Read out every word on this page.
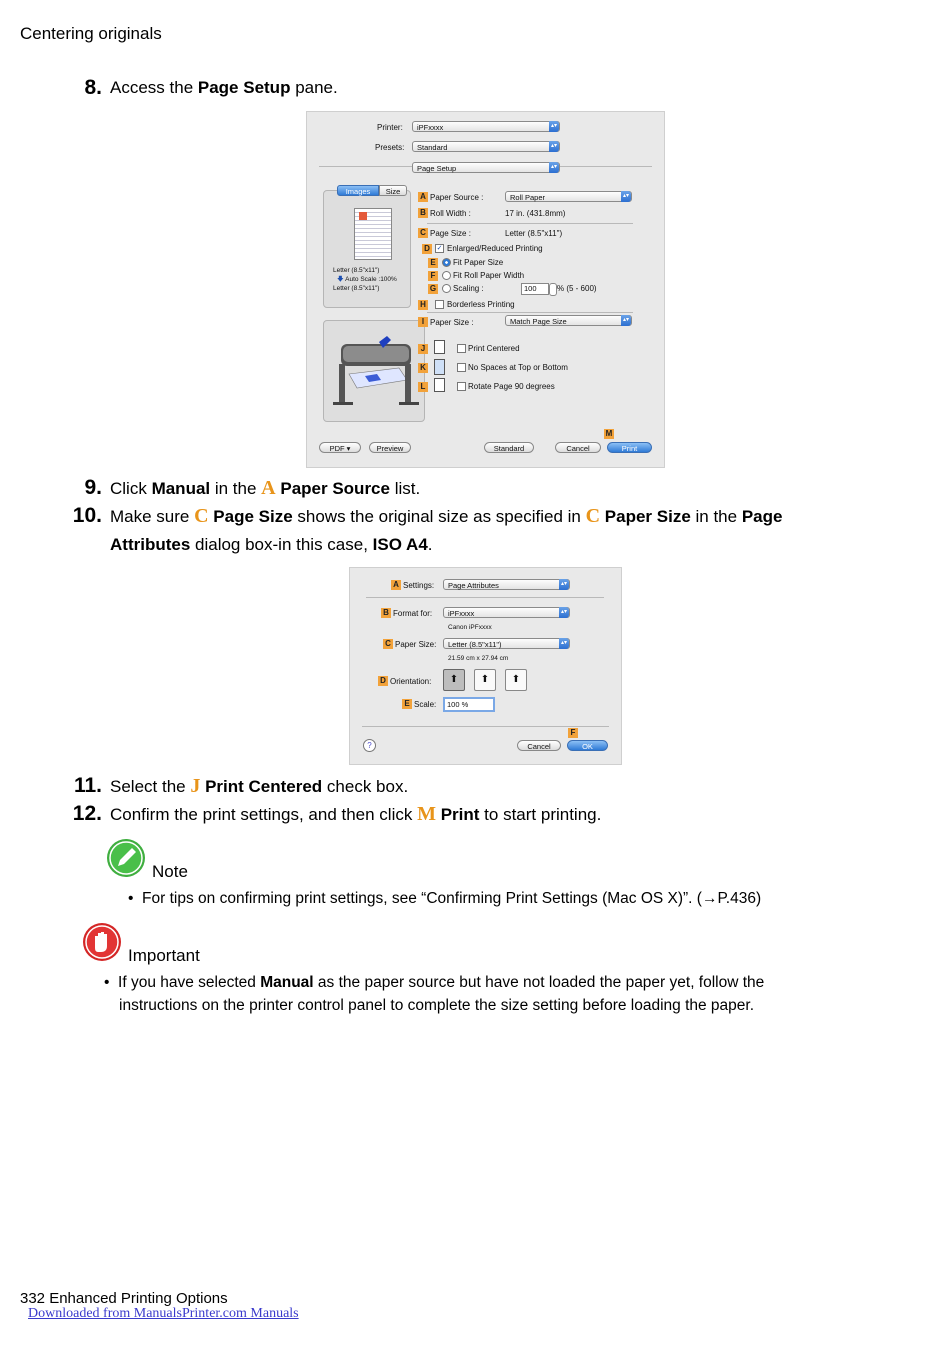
Centering originals
8. Access the Page Setup pane.
Printer:	iPFxxxx	▴▾
Presets:	Standard	▴▾
Page Setup	▴▾
Images	Size
Letter (8.5"x11")
🡇 Auto Scale :100%
Letter (8.5"x11")
A Paper Source :	Roll Paper	▴▾
B Roll Width :	17 in. (431.8mm)
C Page Size :	Letter (8.5"x11")
D ✓ Enlarged/Reduced Printing
E Fit Paper Size
F	Fit Roll Paper Width
G Scaling :	100	% (5 - 600)
H	Borderless Printing
I Paper Size :	Match Page Size	▴▾
J	Print Centered
K	No Spaces at Top or Bottom
L	Rotate Page 90 degrees
PDF ▾	Preview	Standard	Cancel
M
Print
9. Click Manual in the A Paper Source list.
10. Make sure C Page Size shows the original size as specified in C Paper Size in the Page
Attributes dialog box-in this case, ISO A4.
A Settings:	Page Attributes	▴▾
B Format for:	iPFxxxx	▴▾
Canon iPFxxxx
C Paper Size:	Letter (8.5"x11")	▴▾
21.59 cm x 27.94 cm
D Orientation:	⬆	⬆	⬆
E Scale:	100 %
?	Cancel
F
OK
11. Select the J Print Centered check box.
12. Confirm the print settings, and then click M Print to start printing.
Note
•  For tips on confirming print settings, see “Confirming Print Settings (Mac OS X)”. (→P.436)
Important
•  If you have selected Manual as the paper source but have not loaded the paper yet, follow the
instructions on the printer control panel to complete the size setting before loading the paper.
332 Enhanced Printing Options
Downloaded from ManualsPrinter.com Manuals
